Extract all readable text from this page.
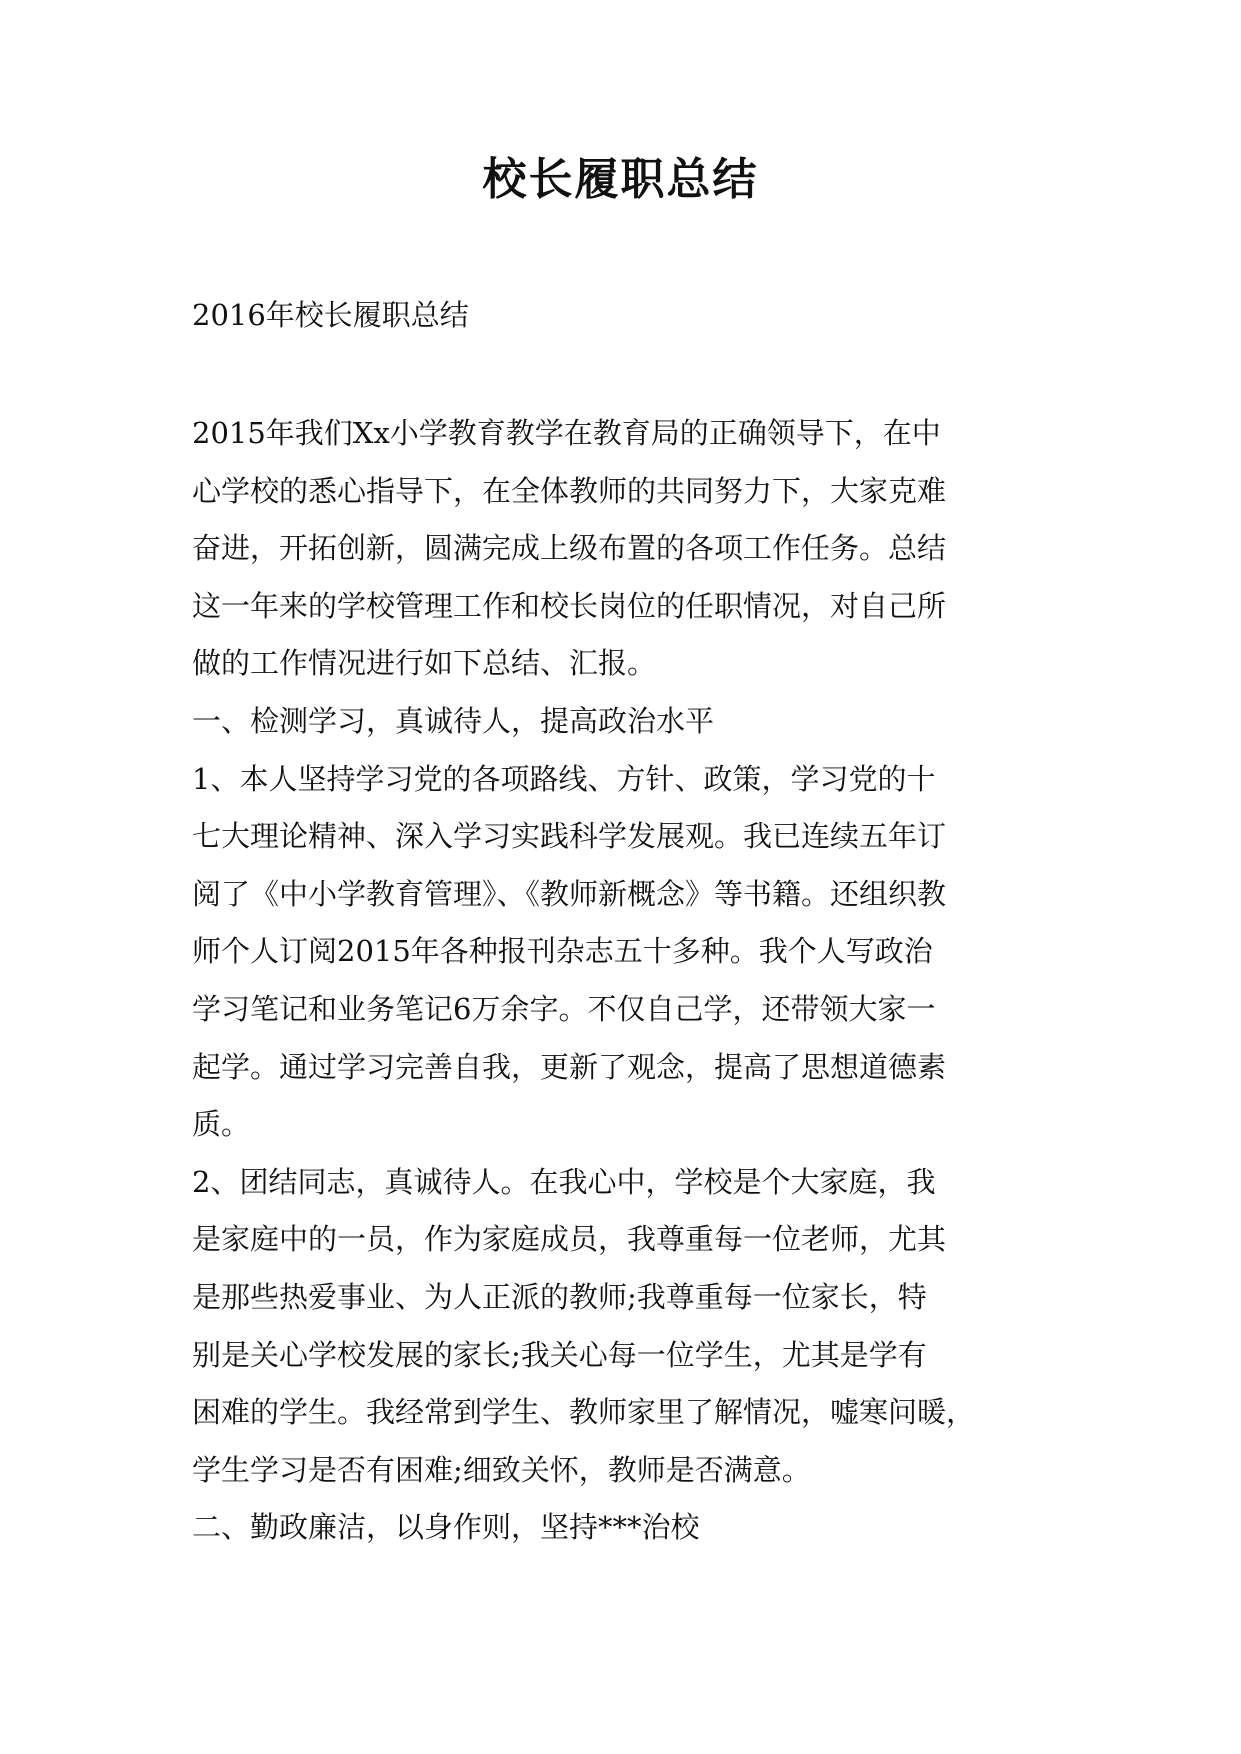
校长履职总结
2016年校长履职总结
2015年我们Xx小学教育教学在教育局的正确领导下，在中
心学校的悉心指导下，在全体教师的共同努力下，大家克难
奋进，开拓创新，圆满完成上级布置的各项工作任务。总结
这一年来的学校管理工作和校长岗位的任职情况，对自己所
做的工作情况进行如下总结、汇报。
一、检测学习，真诚待人，提高政治水平
1、本人坚持学习党的各项路线、方针、政策，学习党的十
七大理论精神、深入学习实践科学发展观。我已连续五年订
阅了《中小学教育管理》、《教师新概念》等书籍。还组织教
师个人订阅2015年各种报刊杂志五十多种。我个人写政治
学习笔记和业务笔记6万余字。不仅自己学，还带领大家一
起学。通过学习完善自我，更新了观念，提高了思想道德素
质。
2、团结同志，真诚待人。在我心中，学校是个大家庭，我
是家庭中的一员，作为家庭成员，我尊重每一位老师，尤其
是那些热爱事业、为人正派的教师;我尊重每一位家长，特
别是关心学校发展的家长;我关心每一位学生，尤其是学有
困难的学生。我经常到学生、教师家里了解情况，嘘寒问暖，
学生学习是否有困难;细致关怀，教师是否满意。
二、勤政廉洁，以身作则，坚持***治校
